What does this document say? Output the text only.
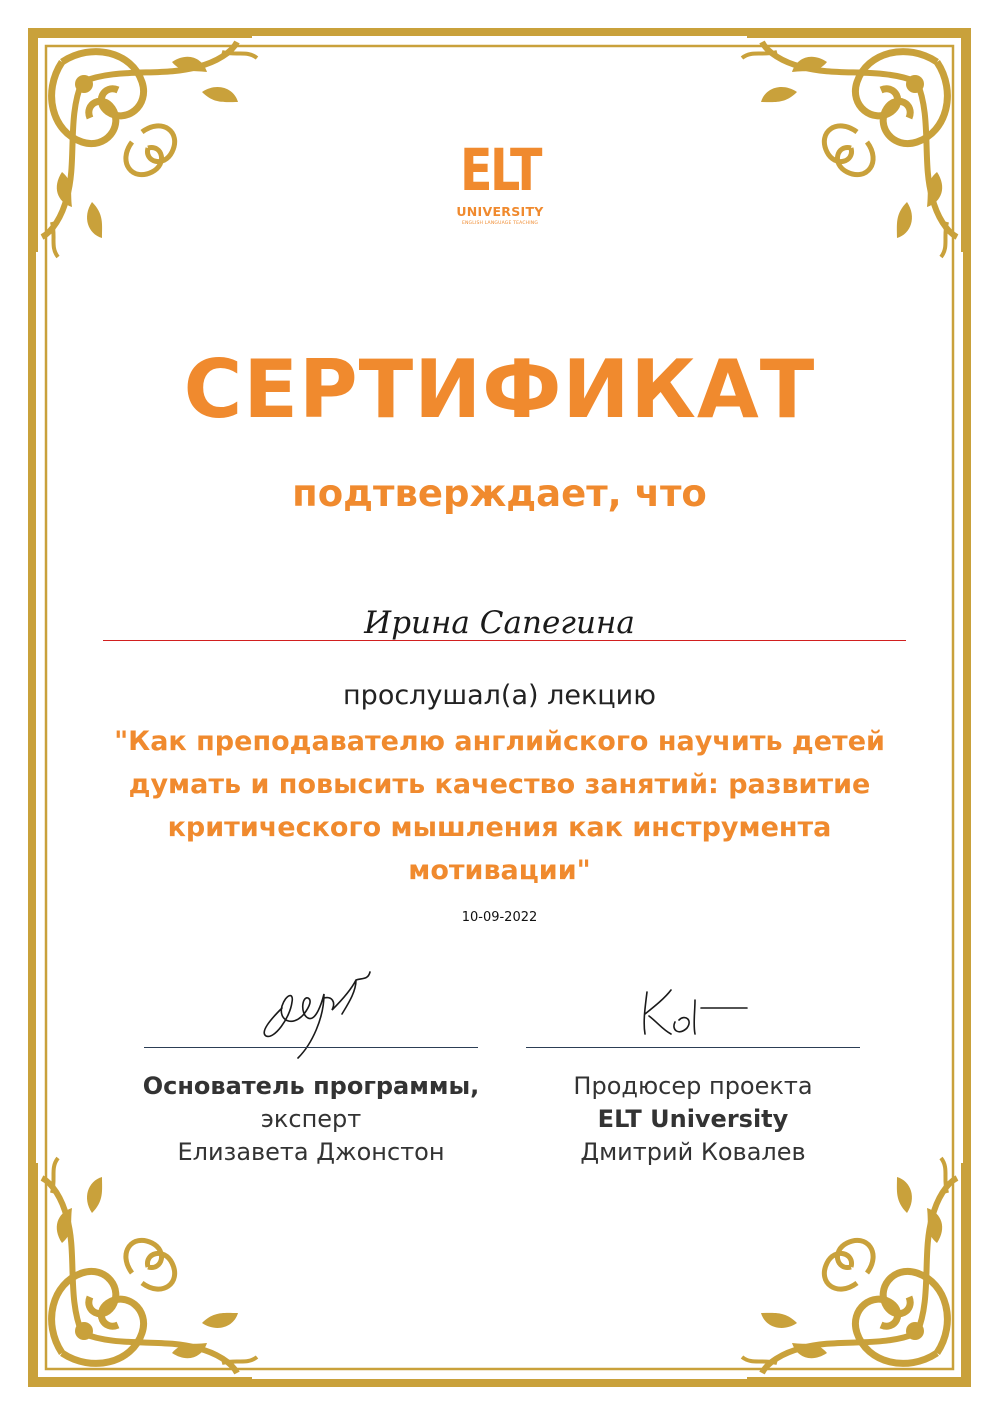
ELT
UNIVERSITY
ENGLISH LANGUAGE TEACHING
СЕРТИФИКАТ
подтверждает, что
Ирина Сапегина
прослушал(а) лекцию
"Как преподавателю английского научить детей думать и повысить качество занятий: развитие критического мышления как инструмента мотивации"
10-09-2022
Основатель программы, эксперт
Елизавета Джонстон
Продюсер проекта
ELT University
Дмитрий Ковалев
